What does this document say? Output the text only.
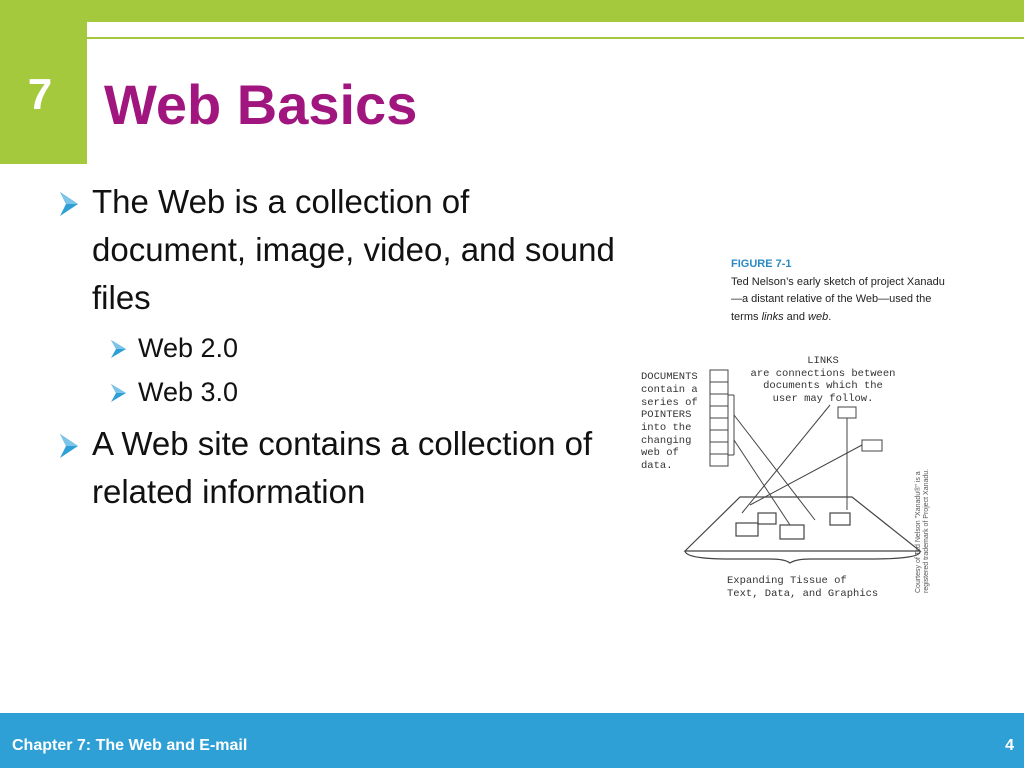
7 Web Basics
The Web is a collection of document, image, video, and sound files
Web 2.0
Web 3.0
A Web site contains a collection of related information
FIGURE 7-1
Ted Nelson’s early sketch of project Xanadu—a distant relative of the Web—used the terms links and web.
LINKS
are connections between
documents which the
user may follow.
DOCUMENTS
contain a
series of
POINTERS
into the
changing
web of
data.
Expanding Tissue of
Text, Data, and Graphics
Courtesy of Ted Nelson "Xanadu®" is a registered trademark of Project Xanadu.
Chapter 7: The Web and E-mail	4
